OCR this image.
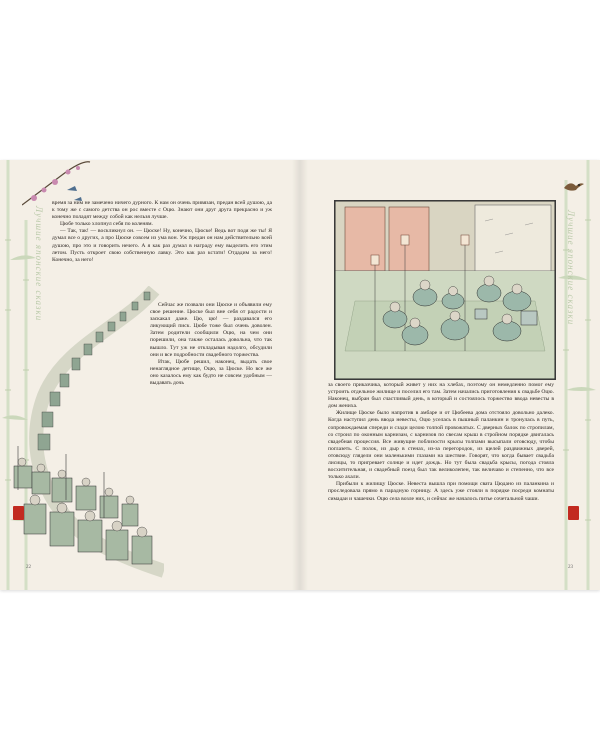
Лучшие японские сказки

время за ним не замечено ничего дурного. К нам он очень привязан, предан всей душою, да к тому же с самого детства он рос вместе с Оцю. Знают они друг друга прекрасно и уж конечно поладят между собой как нельзя лучше.

Цюбе только хлопнул себя по коленям.

— Так, так! — воскликнул он. — Цюске! Ну, конечно, Цюске! Ведь вот подя же ты! Я думал все о других, а про Цюске совсем из ума вон. Уж предан он нам действительно всей душою, про это и говорить нечего. А я как раз думал в награду ему выделить его этим летом. Пусть откроет свою собственную лавку. Это как раз кстати! Отдадим за него! Конечно, за него!

Сейчас же позвали они Цюске и объявили ему свое решение. Цюске был вне себя от радости и заскакал даже. Цю, цю! — раздавался его ликующий писк. Цюбе тоже был очень доволен. Затем родители сообщили Оцю, на чем они порешили, она также осталась довольна, что так вышло. Тут уж не откладывая надолго, обсудили они и все подробности свадебного торжества.

Итак, Цюбе решил, наконец, выдать свое ненаглядное детище, Оцю, за Цюске. Но все же оно казалось ему как будто не совсем удобным — выдавать дочь

22
Лучшие японские сказки

за своего приказчика, который живет у них на хлебах, поэтому он немедленно помог ему устроить отдельное жилище и поселил его там. Затем начались приготовления к свадьбе Оцю. Наконец, выбран был счастливый день, в который и состоялось торжество ввода невесты в дом жениха.

Жилище Цюске было напротив в амбаре и от Цюбеева дома отстояло довольно далеко. Когда наступил день ввода невесты, Оцю уселась в пышный паланкин и тронулась в путь, сопровождаемая спереди и сзади целою толпой провожатых. С дверных балок по стропилам, со строил по оконным карнизам, с карнизов по свесам крыш в стройном порядке двигалась свадебная процессия. Все живущие поблизости крысы толпами высыпали отовсюду, чтобы поглазеть. С полок, из дыр в стенах, из-за перегородок, из щелей раздвижных дверей, отовсюду глядели они маленькими глазами на шествие. Говорят, что когда бывает свадьба лисицы, то пригревает солнце и идет дождь. Но тут была свадьба крысы, погода стояла восхитительная, и свадебный поезд был так великолепен, так величаво и степенно, что все только ахали.

Прибыли к жилищу Цюске. Невеста вышла при помощи свата Цюдано из паланкина и проследовала прямо в парадную горницу. А здесь уже стояли в порядке посреди комнаты симадаи и чашечки. Оцю села возле них, и сейчас же началось питье сочетальной чаши.

23
